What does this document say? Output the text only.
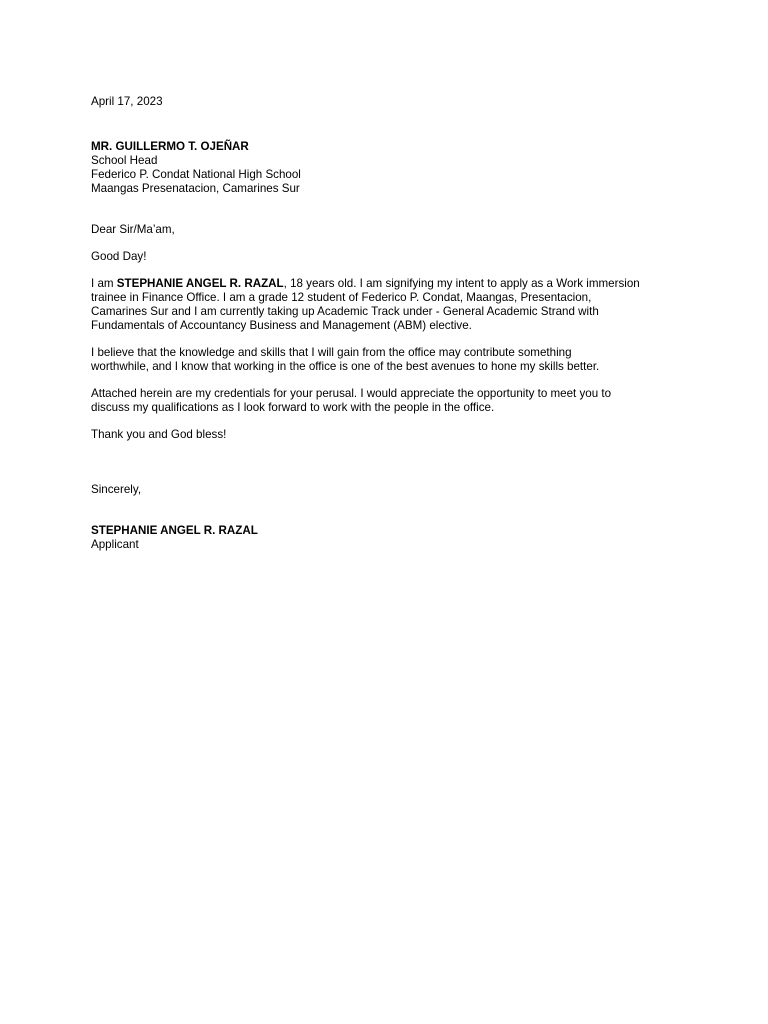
April 17, 2023
MR. GUILLERMO T. OJEÑAR
School Head
Federico P. Condat National High School
Maangas Presenatacion, Camarines Sur
Dear Sir/Ma’am,
Good Day!
I am STEPHANIE ANGEL R. RAZAL, 18 years old. I am signifying my intent to apply as a Work immersion
trainee in Finance Office. I am a grade 12 student of Federico P. Condat, Maangas, Presentacion,
Camarines Sur and I am currently taking up Academic Track under - General Academic Strand with
Fundamentals of Accountancy Business and Management (ABM) elective.
I believe that the knowledge and skills that I will gain from the office may contribute something
worthwhile, and I know that working in the office is one of the best avenues to hone my skills better.
Attached herein are my credentials for your perusal. I would appreciate the opportunity to meet you to
discuss my qualifications as I look forward to work with the people in the office.
Thank you and God bless!
Sincerely,
STEPHANIE ANGEL R. RAZAL
Applicant
